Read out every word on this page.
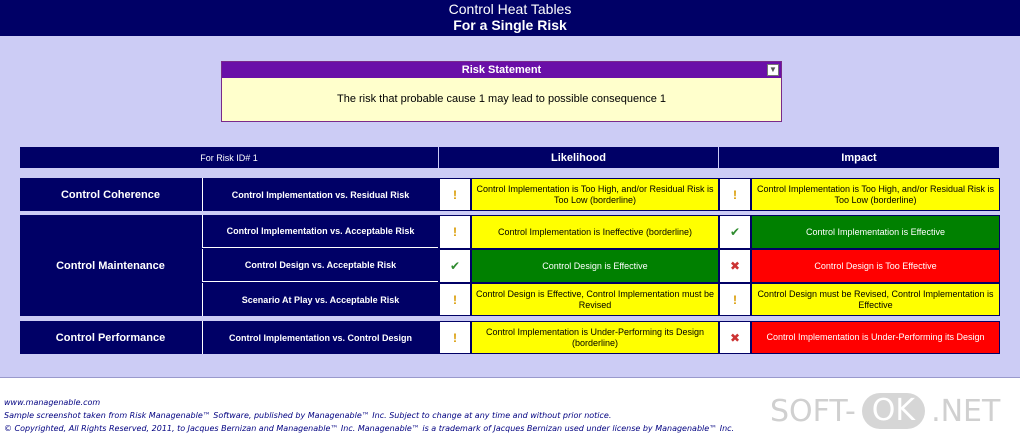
Control Heat Tables
For a Single Risk
Risk Statement	▼
The risk that probable cause 1 may lead to possible consequence 1
For Risk ID# 1	Likelihood	Impact
Control Coherence	Control Implementation vs. Residual Risk	!	Control Implementation is Too High, and/or Residual Risk is Too Low (borderline)	!	Control Implementation is Too High, and/or Residual Risk is Too Low (borderline)
Control Maintenance
Control Implementation vs. Acceptable Risk	!	Control Implementation is Ineffective (borderline)	✔	Control Implementation is Effective
Control Design vs. Acceptable Risk	✔	Control Design is Effective	✖	Control Design is Too Effective
Scenario At Play vs. Acceptable Risk	!	Control Design is Effective, Control Implementation must be Revised	!	Control Design must be Revised, Control Implementation is Effective
Control Performance	Control Implementation vs. Control Design	!	Control Implementation is Under-Performing its Design (borderline)	✖	Control Implementation is Under-Performing its Design
www.managenable.com
Sample screenshot taken from Risk Managenable™ Software, published by Managenable™ Inc. Subject to change at any time and without prior notice.
© Copyrighted, All Rights Reserved, 2011, to Jacques Bernizan and Managenable™ Inc. Managenable™ is a trademark of Jacques Bernizan used under license by Managenable™ Inc. SOFT- OK .NET
